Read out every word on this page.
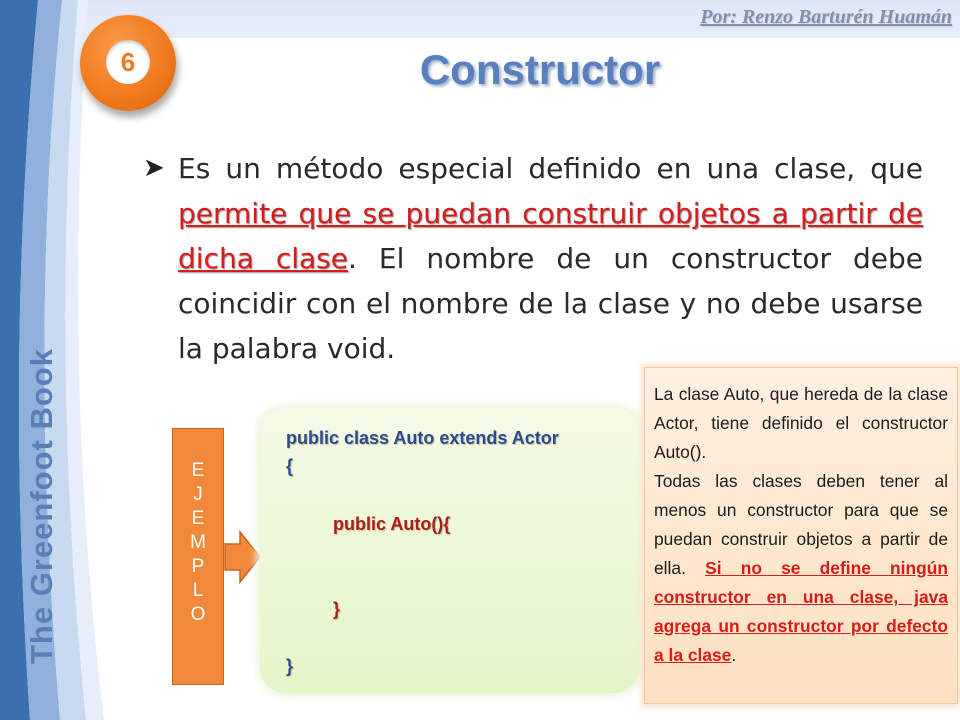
Por: Renzo Barturén Huamán
The Greenfoot Book
6	Constructor
➤ Es un método especial definido en una clase, que permite que se puedan construir objetos a partir de dicha clase. El nombre de un constructor debe coincidir con el nombre de la clase y no debe usarse la palabra void.
E
J
E
M
P
L
O
public class Auto extends Actor
{
public Auto(){
}
}
La clase Auto, que hereda de la clase Actor, tiene definido el constructor Auto().
Todas las clases deben tener al menos un constructor para que se puedan construir objetos a partir de ella. Si no se define ningún constructor en una clase, java agrega un constructor por defecto a la clase.
